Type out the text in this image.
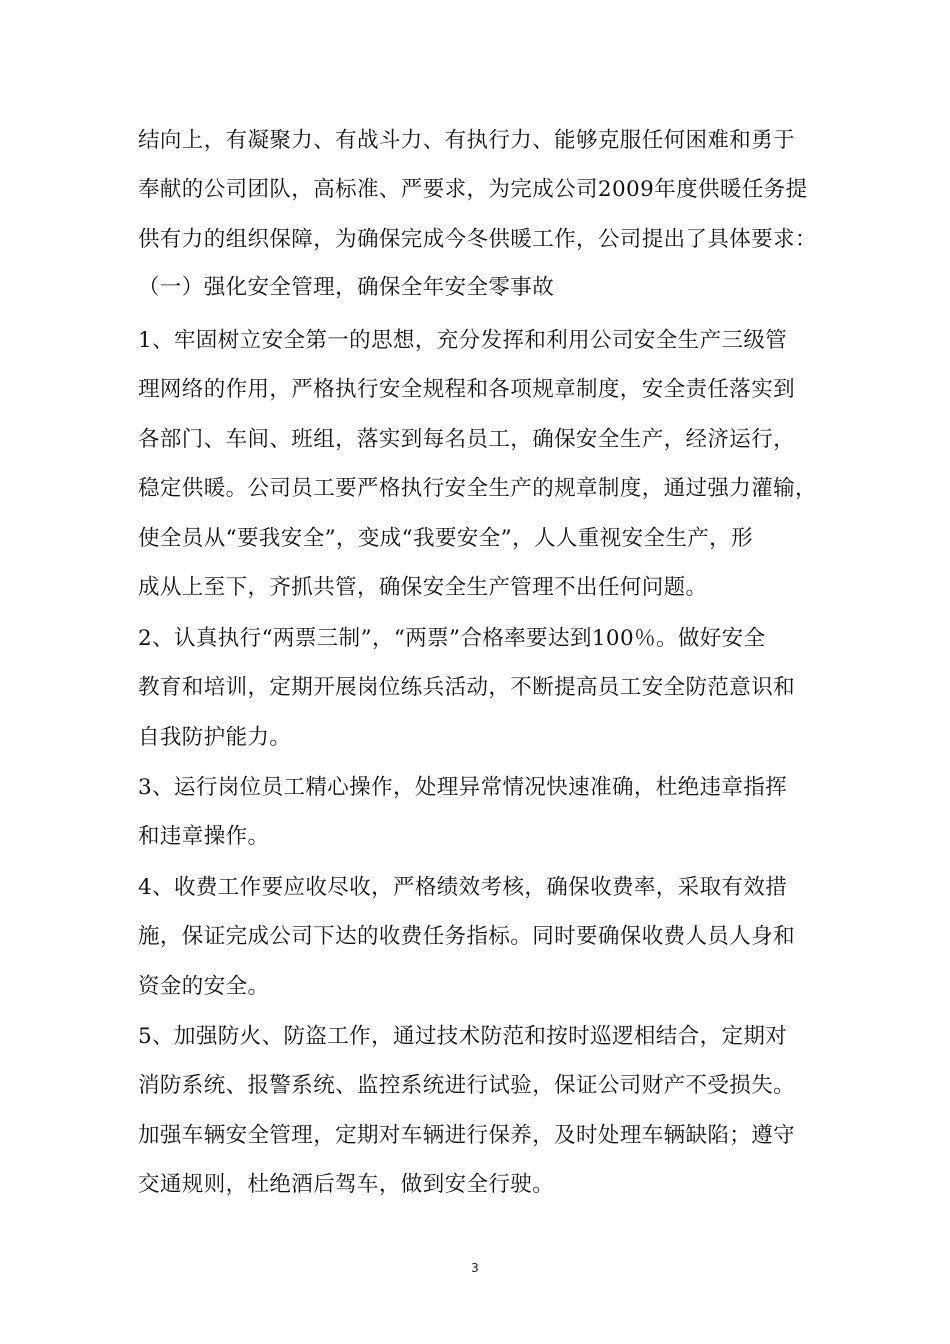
结向上，有凝聚力、有战斗力、有执行力、能够克服任何困难和勇于
奉献的公司团队，高标准、严要求，为完成公司2009年度供暖任务提
供有力的组织保障，为确保完成今冬供暖工作，公司提出了具体要求：
（一）强化安全管理，确保全年安全零事故
1、牢固树立安全第一的思想，充分发挥和利用公司安全生产三级管
理网络的作用，严格执行安全规程和各项规章制度，安全责任落实到
各部门、车间、班组，落实到每名员工，确保安全生产，经济运行，
稳定供暖。公司员工要严格执行安全生产的规章制度，通过强力灌输，
使全员从“要我安全”，变成“我要安全”，人人重视安全生产，形
成从上至下，齐抓共管，确保安全生产管理不出任何问题。
2、认真执行“两票三制”，“两票”合格率要达到100％。做好安全
教育和培训，定期开展岗位练兵活动，不断提高员工安全防范意识和
自我防护能力。
3、运行岗位员工精心操作，处理异常情况快速准确，杜绝违章指挥
和违章操作。
4、收费工作要应收尽收，严格绩效考核，确保收费率，采取有效措
施，保证完成公司下达的收费任务指标。同时要确保收费人员人身和
资金的安全。
5、加强防火、防盗工作，通过技术防范和按时巡逻相结合，定期对
消防系统、报警系统、监控系统进行试验，保证公司财产不受损失。
加强车辆安全管理，定期对车辆进行保养，及时处理车辆缺陷；遵守
交通规则，杜绝酒后驾车，做到安全行驶。
3
